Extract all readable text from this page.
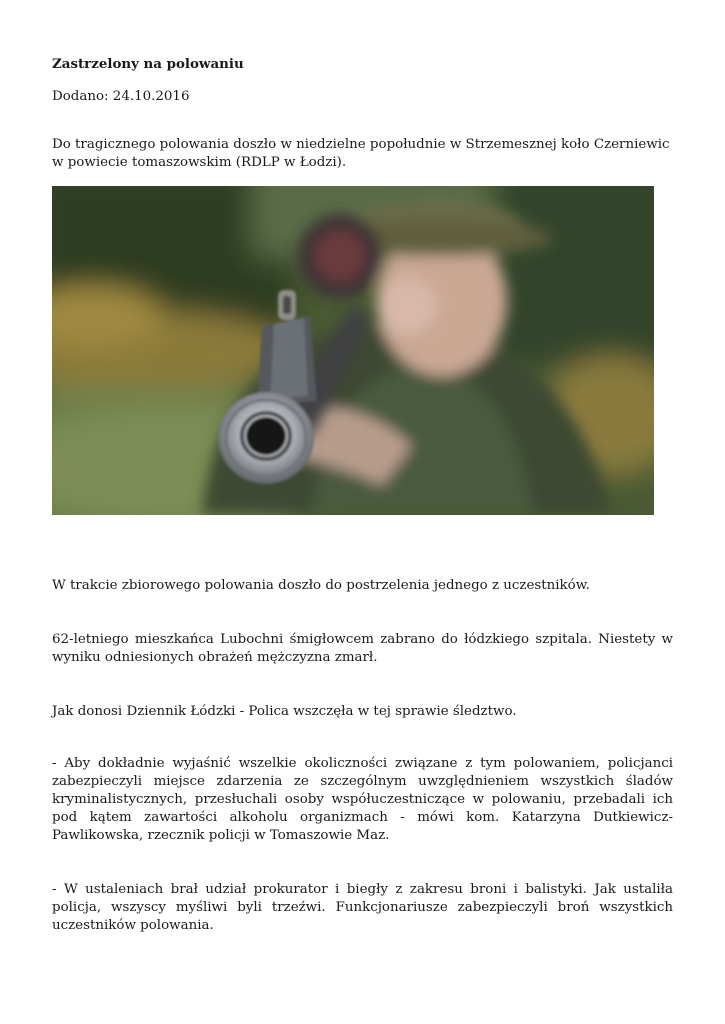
Zastrzelony na polowaniu

Dodano: 24.10.2016

Do tragicznego polowania doszło w niedzielne popołudnie w Strzemesznej koło Czerniewic w powiecie tomaszowskim (RDLP w Łodzi).

W trakcie zbiorowego polowania doszło do postrzelenia jednego z uczestników.

62-letniego mieszkańca Lubochni śmigłowcem zabrano do łódzkiego szpitala. Niestety w wyniku odniesionych obrażeń mężczyzna zmarł.

Jak donosi Dziennik Łódzki - Polica wszczęła w tej sprawie śledztwo.

- Aby dokładnie wyjaśnić wszelkie okoliczności związane z tym polowaniem, policjanci zabezpieczyli miejsce zdarzenia ze szczególnym uwzględnieniem wszystkich śladów kryminalistycznych, przesłuchali osoby współuczestniczące w polowaniu, przebadali ich pod kątem zawartości alkoholu organizmach - mówi kom. Katarzyna Dutkiewicz-Pawlikowska, rzecznik policji w Tomaszowie Maz.

- W ustaleniach brał udział prokurator i biegły z zakresu broni i balistyki. Jak ustaliła policja, wszyscy myśliwi byli trzeźwi. Funkcjonariusze zabezpieczyli broń wszystkich uczestników polowania.
